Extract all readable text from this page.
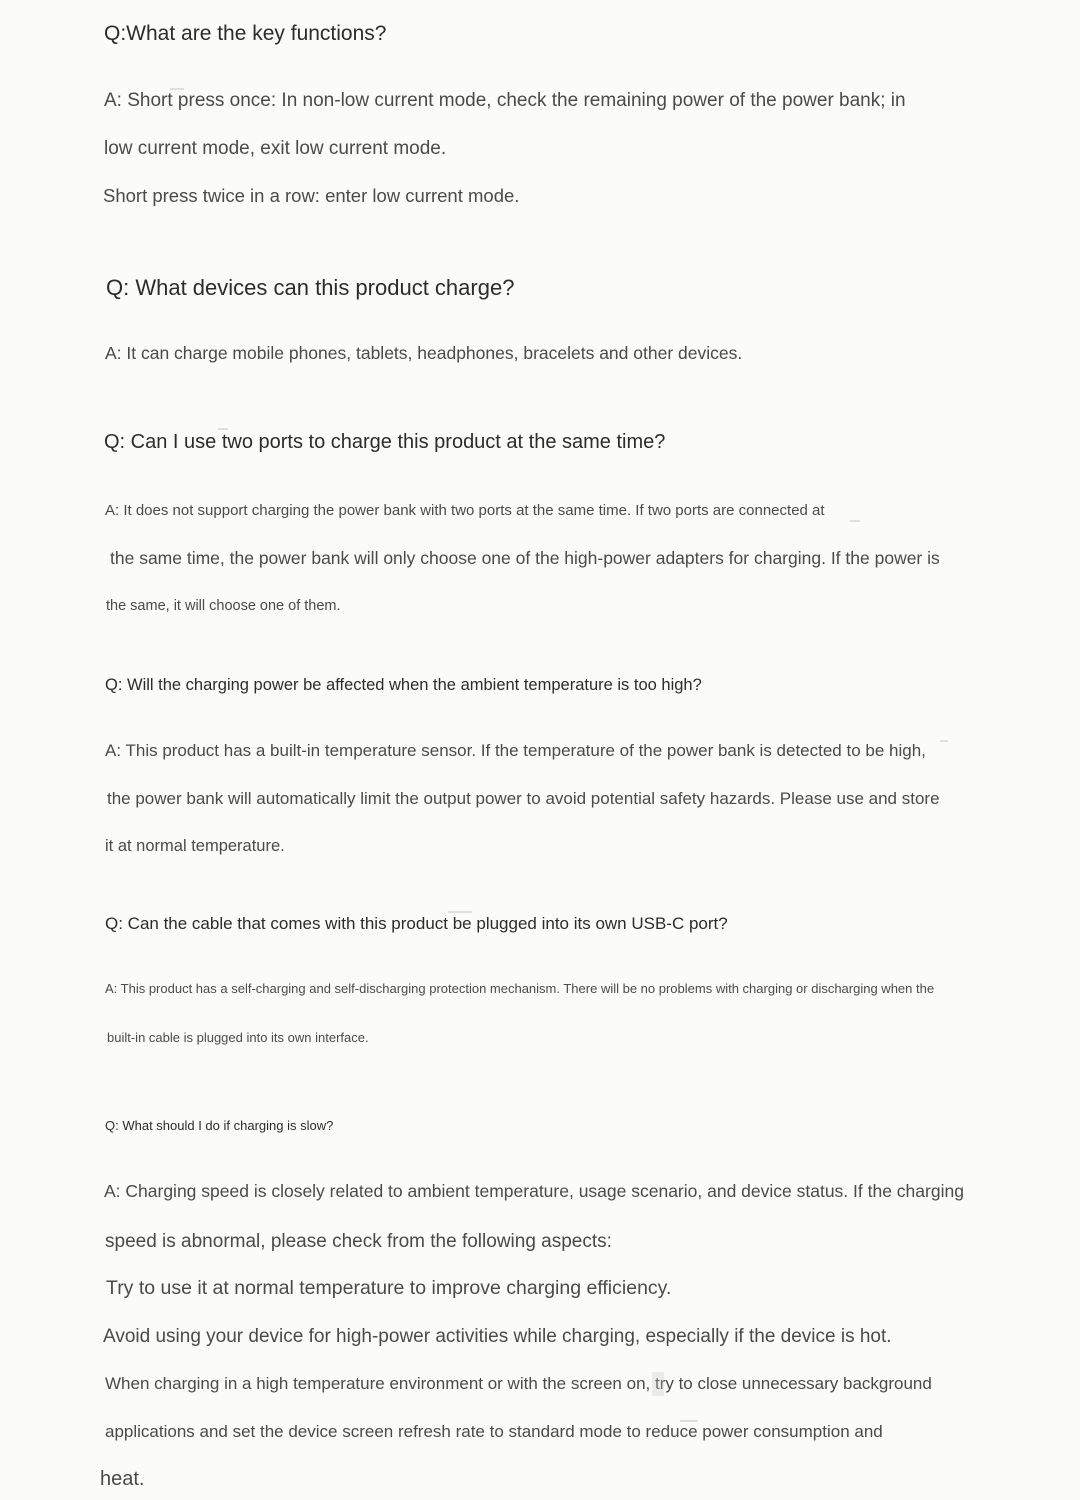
Q:What are the key functions?
A: Short press once: In non-low current mode, check the remaining power of the power bank; in
low current mode, exit low current mode.
Short press twice in a row: enter low current mode.
Q: What devices can this product charge?
A: It can charge mobile phones, tablets, headphones, bracelets and other devices.
Q: Can I use two ports to charge this product at the same time?
A: It does not support charging the power bank with two ports at the same time. If two ports are connected at
the same time, the power bank will only choose one of the high-power adapters for charging. If the power is
the same, it will choose one of them.
Q: Will the charging power be affected when the ambient temperature is too high?
A: This product has a built-in temperature sensor. If the temperature of the power bank is detected to be high,
the power bank will automatically limit the output power to avoid potential safety hazards. Please use and store
it at normal temperature.
Q: Can the cable that comes with this product be plugged into its own USB-C port?
A: This product has a self-charging and self-discharging protection mechanism. There will be no problems with charging or discharging when the
built-in cable is plugged into its own interface.
Q: What should I do if charging is slow?
A: Charging speed is closely related to ambient temperature, usage scenario, and device status. If the charging
speed is abnormal, please check from the following aspects:
Try to use it at normal temperature to improve charging efficiency.
Avoid using your device for high-power activities while charging, especially if the device is hot.
When charging in a high temperature environment or with the screen on, try to close unnecessary background
applications and set the device screen refresh rate to standard mode to reduce power consumption and
heat.
